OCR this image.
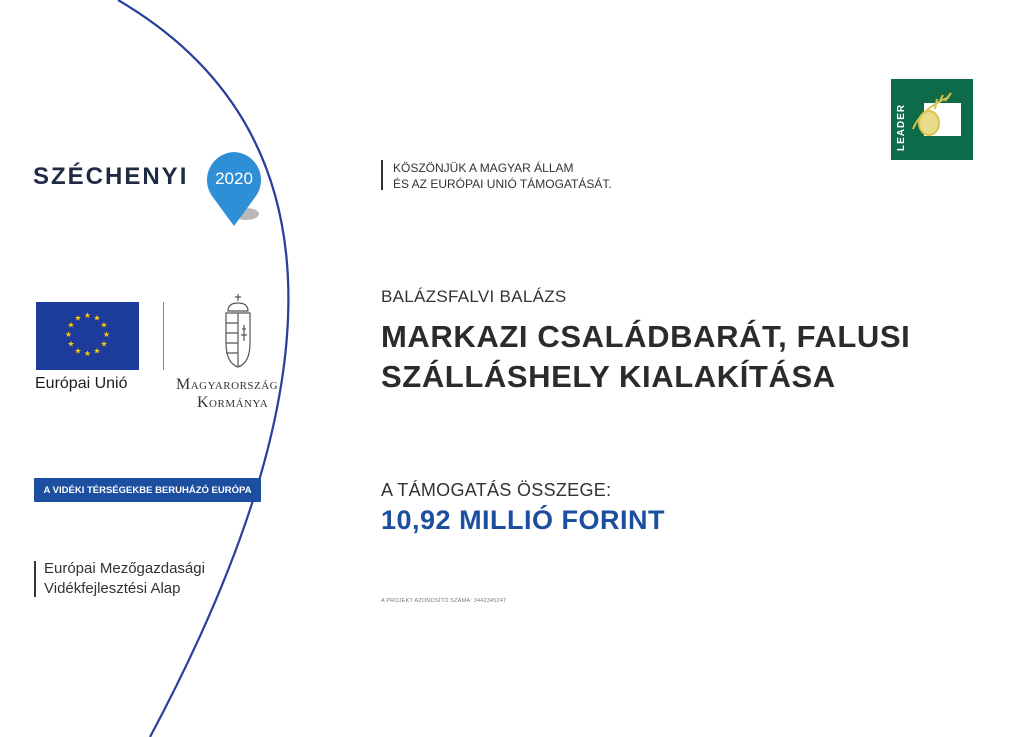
SZÉCHENYI 2020
★ ★
★
★
★
★
★
★
★
★
★
★
Európai Unió	Magyarország
Kormánya
A VIDÉKI TÉRSÉGEKBE BERUHÁZÓ EURÓPA
Európai Mezőgazdasági
Vidékfejlesztési Alap
KÖSZÖNJÜK A MAGYAR ÁLLAM
ÉS AZ EURÓPAI UNIÓ TÁMOGATÁSÁT.
LEADER
BALÁZSFALVI BALÁZS
MARKAZI CSALÁDBARÁT, FALUSI
SZÁLLÁSHELY KIALAKÍTÁSA
A TÁMOGATÁS ÖSSZEGE:
10,92 MILLIÓ FORINT
A PROJEKT AZONOSÍTÓ SZÁMA: 3442345247
